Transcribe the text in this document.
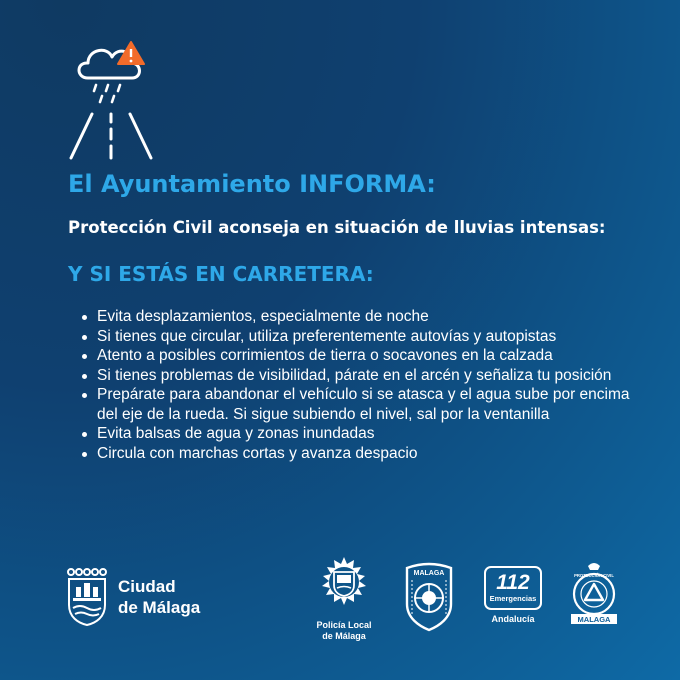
El Ayuntamiento INFORMA:
Protección Civil aconseja en situación de lluvias intensas:
Y SI ESTÁS EN CARRETERA:
Evita desplazamientos, especialmente de noche
Si tienes que circular, utiliza preferentemente autovías y autopistas
Atento a posibles corrimientos de tierra o socavones en la calzada
Si tienes problemas de visibilidad, párate en el arcén y señaliza tu posición
Prepárate para abandonar el vehículo si se atasca y el agua sube por encima del eje de la rueda. Si sigue subiendo el nivel, sal por la ventanilla
Evita balsas de agua y zonas inundadas
Circula con marchas cortas y avanza despacio
Ciudad
de Málaga
Policía Local
de Málaga
MALAGA 112
Emergencias
Andalucía
PROTECCIÓN CIVIL
MALAGA
